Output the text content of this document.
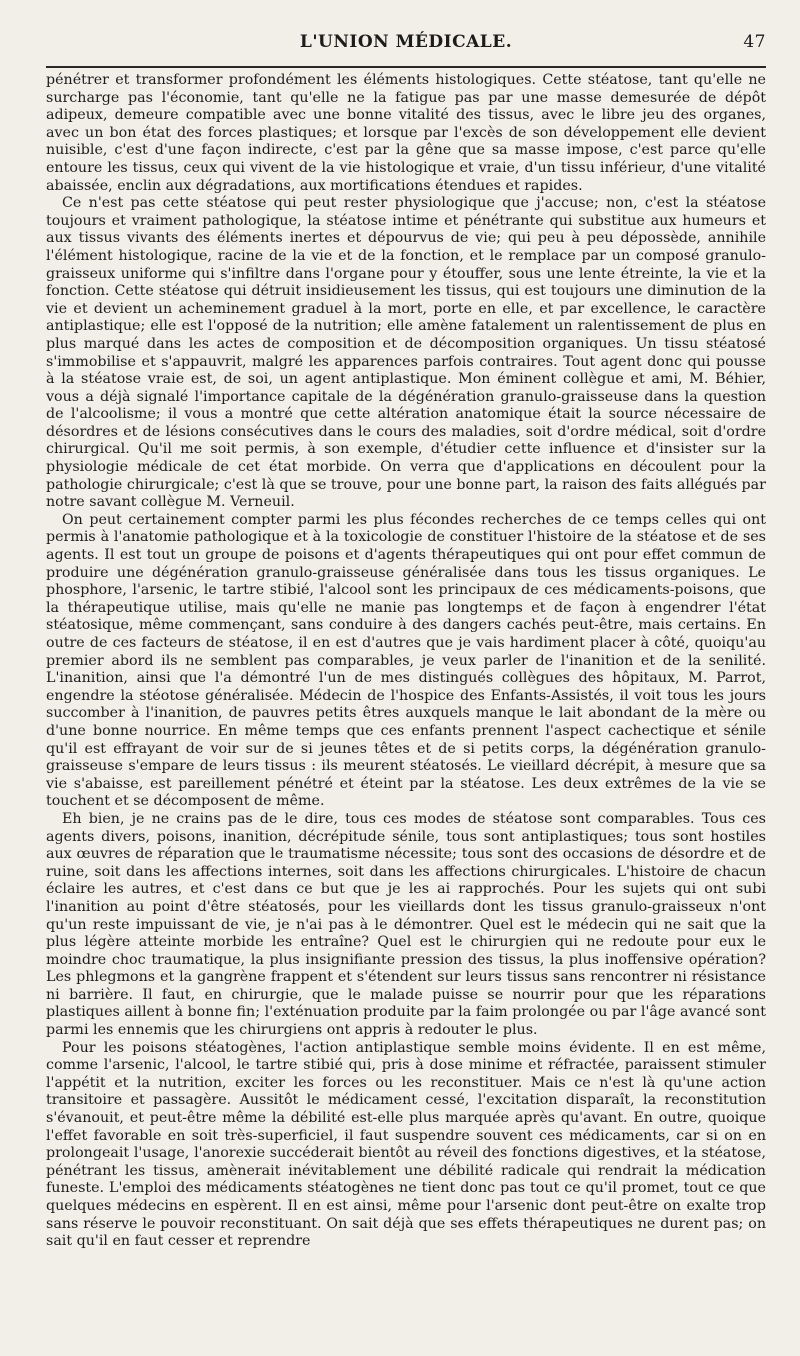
L'UNION MÉDICALE.	47

pénétrer et transformer profondément les éléments histologiques. Cette stéatose, tant qu'elle ne surcharge pas l'économie, tant qu'elle ne la fatigue pas par une masse demesurée de dépôt adipeux, demeure compatible avec une bonne vitalité des tissus, avec le libre jeu des organes, avec un bon état des forces plastiques; et lorsque par l'excès de son développement elle devient nuisible, c'est d'une façon indirecte, c'est par la gêne que sa masse impose, c'est parce qu'elle entoure les tissus, ceux qui vivent de la vie histologique et vraie, d'un tissu inférieur, d'une vitalité abaissée, enclin aux dégradations, aux mortifications étendues et rapides.

Ce n'est pas cette stéatose qui peut rester physiologique que j'accuse; non, c'est la stéatose toujours et vraiment pathologique, la stéatose intime et pénétrante qui substitue aux humeurs et aux tissus vivants des éléments inertes et dépourvus de vie; qui peu à peu dépossède, annihile l'élément histologique, racine de la vie et de la fonction, et le remplace par un composé granulo-graisseux uniforme qui s'infiltre dans l'organe pour y étouffer, sous une lente étreinte, la vie et la fonction. Cette stéatose qui détruit insidieusement les tissus, qui est toujours une diminution de la vie et devient un acheminement graduel à la mort, porte en elle, et par excellence, le caractère antiplastique; elle est l'opposé de la nutrition; elle amène fatalement un ralentissement de plus en plus marqué dans les actes de composition et de décomposition organiques. Un tissu stéatosé s'immobilise et s'appauvrit, malgré les apparences parfois contraires. Tout agent donc qui pousse à la stéatose vraie est, de soi, un agent antiplastique. Mon éminent collègue et ami, M. Béhier, vous a déjà signalé l'importance capitale de la dégénération granulo-graisseuse dans la question de l'alcoolisme; il vous a montré que cette altération anatomique était la source nécessaire de désordres et de lésions consécutives dans le cours des maladies, soit d'ordre médical, soit d'ordre chirurgical. Qu'il me soit permis, à son exemple, d'étudier cette influence et d'insister sur la physiologie médicale de cet état morbide. On verra que d'applications en découlent pour la pathologie chirurgicale; c'est là que se trouve, pour une bonne part, la raison des faits allégués par notre savant collègue M. Verneuil.

On peut certainement compter parmi les plus fécondes recherches de ce temps celles qui ont permis à l'anatomie pathologique et à la toxicologie de constituer l'histoire de la stéatose et de ses agents. Il est tout un groupe de poisons et d'agents thérapeutiques qui ont pour effet commun de produire une dégénération granulo-graisseuse généralisée dans tous les tissus organiques. Le phosphore, l'arsenic, le tartre stibié, l'alcool sont les principaux de ces médicaments-poisons, que la thérapeutique utilise, mais qu'elle ne manie pas longtemps et de façon à engendrer l'état stéatosique, même commençant, sans conduire à des dangers cachés peut-être, mais certains. En outre de ces facteurs de stéatose, il en est d'autres que je vais hardiment placer à côté, quoiqu'au premier abord ils ne semblent pas comparables, je veux parler de l'inanition et de la senilité. L'inanition, ainsi que l'a démontré l'un de mes distingués collègues des hôpitaux, M. Parrot, engendre la stéotose généralisée. Médecin de l'hospice des Enfants-Assistés, il voit tous les jours succomber à l'inanition, de pauvres petits êtres auxquels manque le lait abondant de la mère ou d'une bonne nourrice. En même temps que ces enfants prennent l'aspect cachectique et sénile qu'il est effrayant de voir sur de si jeunes têtes et de si petits corps, la dégénération granulo-graisseuse s'empare de leurs tissus : ils meurent stéatosés. Le vieillard décrépit, à mesure que sa vie s'abaisse, est pareillement pénétré et éteint par la stéatose. Les deux extrêmes de la vie se touchent et se décomposent de même.

Eh bien, je ne crains pas de le dire, tous ces modes de stéatose sont comparables. Tous ces agents divers, poisons, inanition, décrépitude sénile, tous sont antiplastiques; tous sont hostiles aux œuvres de réparation que le traumatisme nécessite; tous sont des occasions de désordre et de ruine, soit dans les affections internes, soit dans les affections chirurgicales. L'histoire de chacun éclaire les autres, et c'est dans ce but que je les ai rapprochés. Pour les sujets qui ont subi l'inanition au point d'être stéatosés, pour les vieillards dont les tissus granulo-graisseux n'ont qu'un reste impuissant de vie, je n'ai pas à le démontrer. Quel est le médecin qui ne sait que la plus légère atteinte morbide les entraîne? Quel est le chirurgien qui ne redoute pour eux le moindre choc traumatique, la plus insignifiante pression des tissus, la plus inoffensive opération? Les phlegmons et la gangrène frappent et s'étendent sur leurs tissus sans rencontrer ni résistance ni barrière. Il faut, en chirurgie, que le malade puisse se nourrir pour que les réparations plastiques aillent à bonne fin; l'exténuation produite par la faim prolongée ou par l'âge avancé sont parmi les ennemis que les chirurgiens ont appris à redouter le plus.

Pour les poisons stéatogènes, l'action antiplastique semble moins évidente. Il en est même, comme l'arsenic, l'alcool, le tartre stibié qui, pris à dose minime et réfractée, paraissent stimuler l'appétit et la nutrition, exciter les forces ou les reconstituer. Mais ce n'est là qu'une action transitoire et passagère. Aussitôt le médicament cessé, l'excitation disparaît, la reconstitution s'évanouit, et peut-être même la débilité est-elle plus marquée après qu'avant. En outre, quoique l'effet favorable en soit très-superficiel, il faut suspendre souvent ces médicaments, car si on en prolongeait l'usage, l'anorexie succéderait bientôt au réveil des fonctions digestives, et la stéatose, pénétrant les tissus, amènerait inévitablement une débilité radicale qui rendrait la médication funeste. L'emploi des médicaments stéatogènes ne tient donc pas tout ce qu'il promet, tout ce que quelques médecins en espèrent. Il en est ainsi, même pour l'arsenic dont peut-être on exalte trop sans réserve le pouvoir reconstituant. On sait déjà que ses effets thérapeutiques ne durent pas; on sait qu'il en faut cesser et reprendre
